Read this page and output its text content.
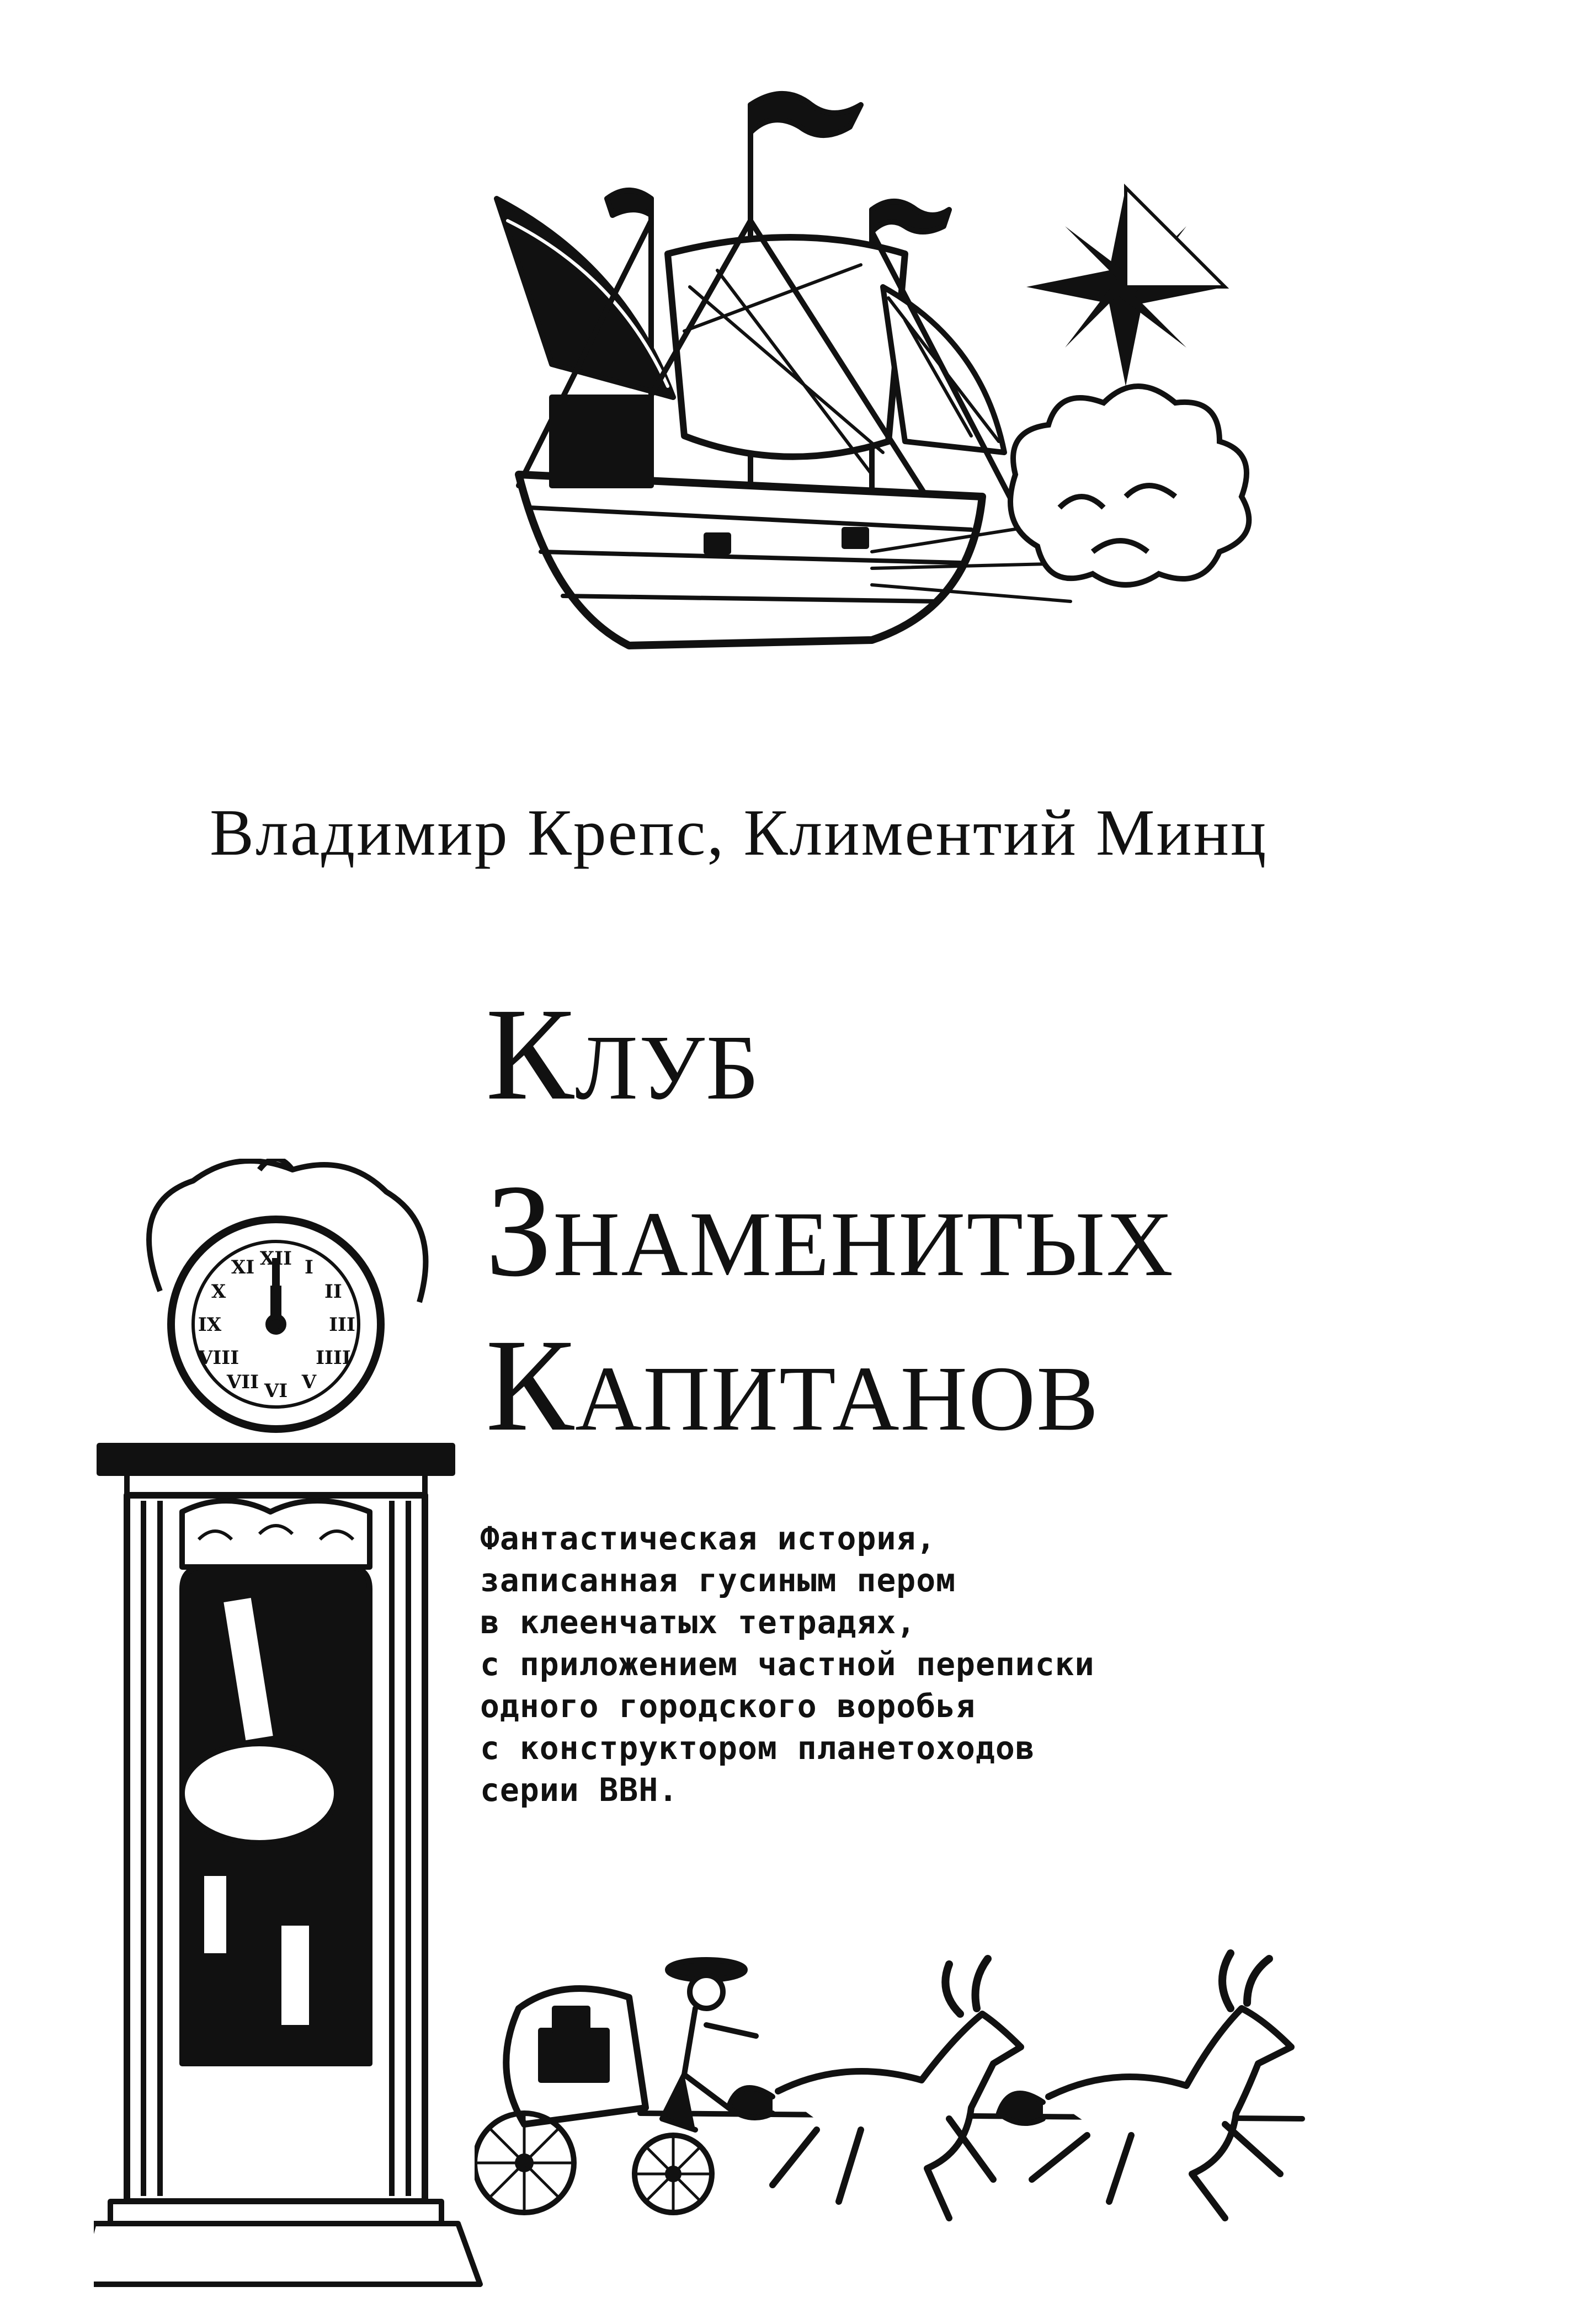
Владимир Крепс, Климентий Минц
Клуб
Знаменитых
Капитанов
XII I
II
III
IIII
V
VI
VII
VIII
IX
X
XI
Фантастическая история,
записанная гусиным пером
в клеенчатых тетрадях,
с приложением частной переписки
одного городского воробья
с конструктором планетоходов
серии ВВН.
